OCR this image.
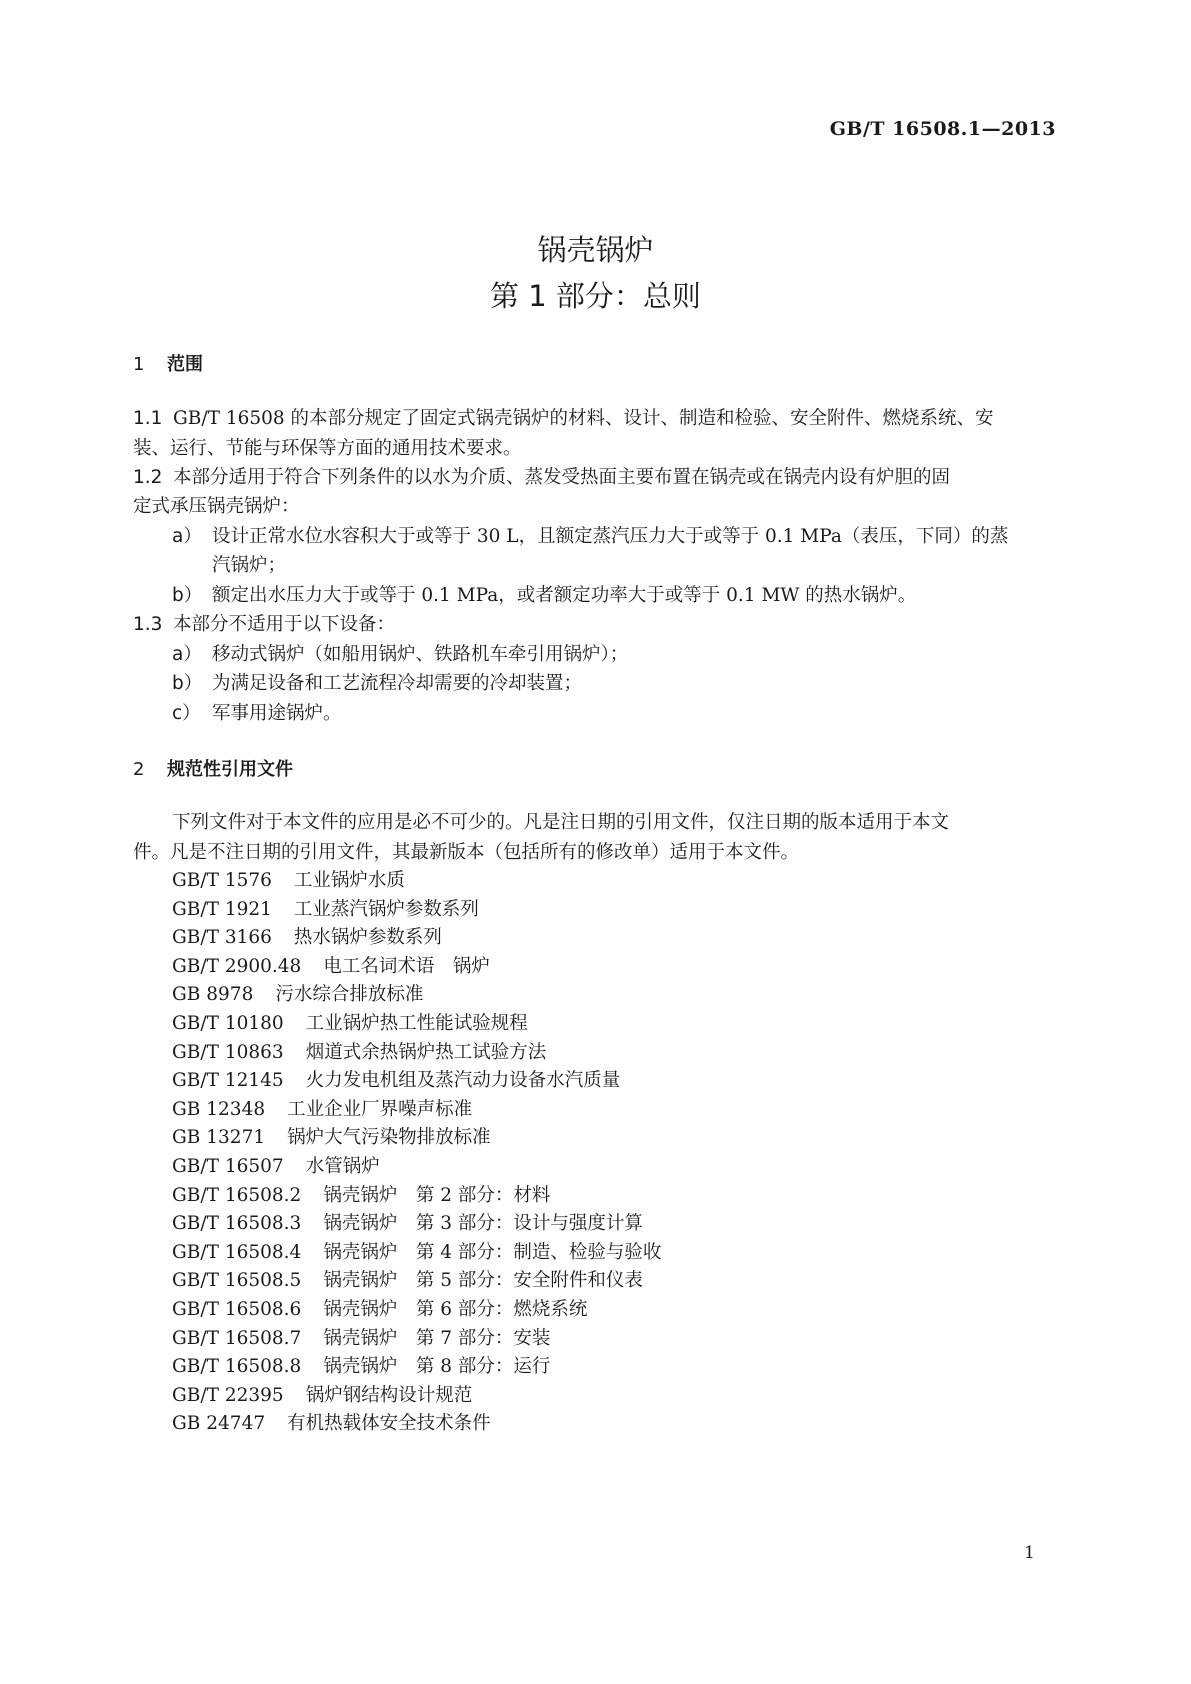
GB/T 16508.1—2013
锅壳锅炉
第 1 部分：总则
1 范围
1.1 GB/T 16508 的本部分规定了固定式锅壳锅炉的材料、设计、制造和检验、安全附件、燃烧系统、安
装、运行、节能与环保等方面的通用技术要求。
1.2 本部分适用于符合下列条件的以水为介质、蒸发受热面主要布置在锅壳或在锅壳内设有炉胆的固
定式承压锅壳锅炉：
a） 设计正常水位水容积大于或等于 30 L，且额定蒸汽压力大于或等于 0.1 MPa（表压，下同）的蒸
汽锅炉；
b） 额定出水压力大于或等于 0.1 MPa，或者额定功率大于或等于 0.1 MW 的热水锅炉。
1.3 本部分不适用于以下设备：
a） 移动式锅炉（如船用锅炉、铁路机车牵引用锅炉）；
b） 为满足设备和工艺流程冷却需要的冷却装置；
c） 军事用途锅炉。
2 规范性引用文件
下列文件对于本文件的应用是必不可少的。凡是注日期的引用文件，仅注日期的版本适用于本文
件。凡是不注日期的引用文件，其最新版本（包括所有的修改单）适用于本文件。
GB/T 1576 工业锅炉水质
GB/T 1921 工业蒸汽锅炉参数系列
GB/T 3166 热水锅炉参数系列
GB/T 2900.48 电工名词术语　锅炉
GB 8978 污水综合排放标准
GB/T 10180 工业锅炉热工性能试验规程
GB/T 10863 烟道式余热锅炉热工试验方法
GB/T 12145 火力发电机组及蒸汽动力设备水汽质量
GB 12348 工业企业厂界噪声标准
GB 13271 锅炉大气污染物排放标准
GB/T 16507 水管锅炉
GB/T 16508.2 锅壳锅炉　第 2 部分：材料
GB/T 16508.3 锅壳锅炉　第 3 部分：设计与强度计算
GB/T 16508.4 锅壳锅炉　第 4 部分：制造、检验与验收
GB/T 16508.5 锅壳锅炉　第 5 部分：安全附件和仪表
GB/T 16508.6 锅壳锅炉　第 6 部分：燃烧系统
GB/T 16508.7 锅壳锅炉　第 7 部分：安装
GB/T 16508.8 锅壳锅炉　第 8 部分：运行
GB/T 22395 锅炉钢结构设计规范
GB 24747 有机热载体安全技术条件
1
